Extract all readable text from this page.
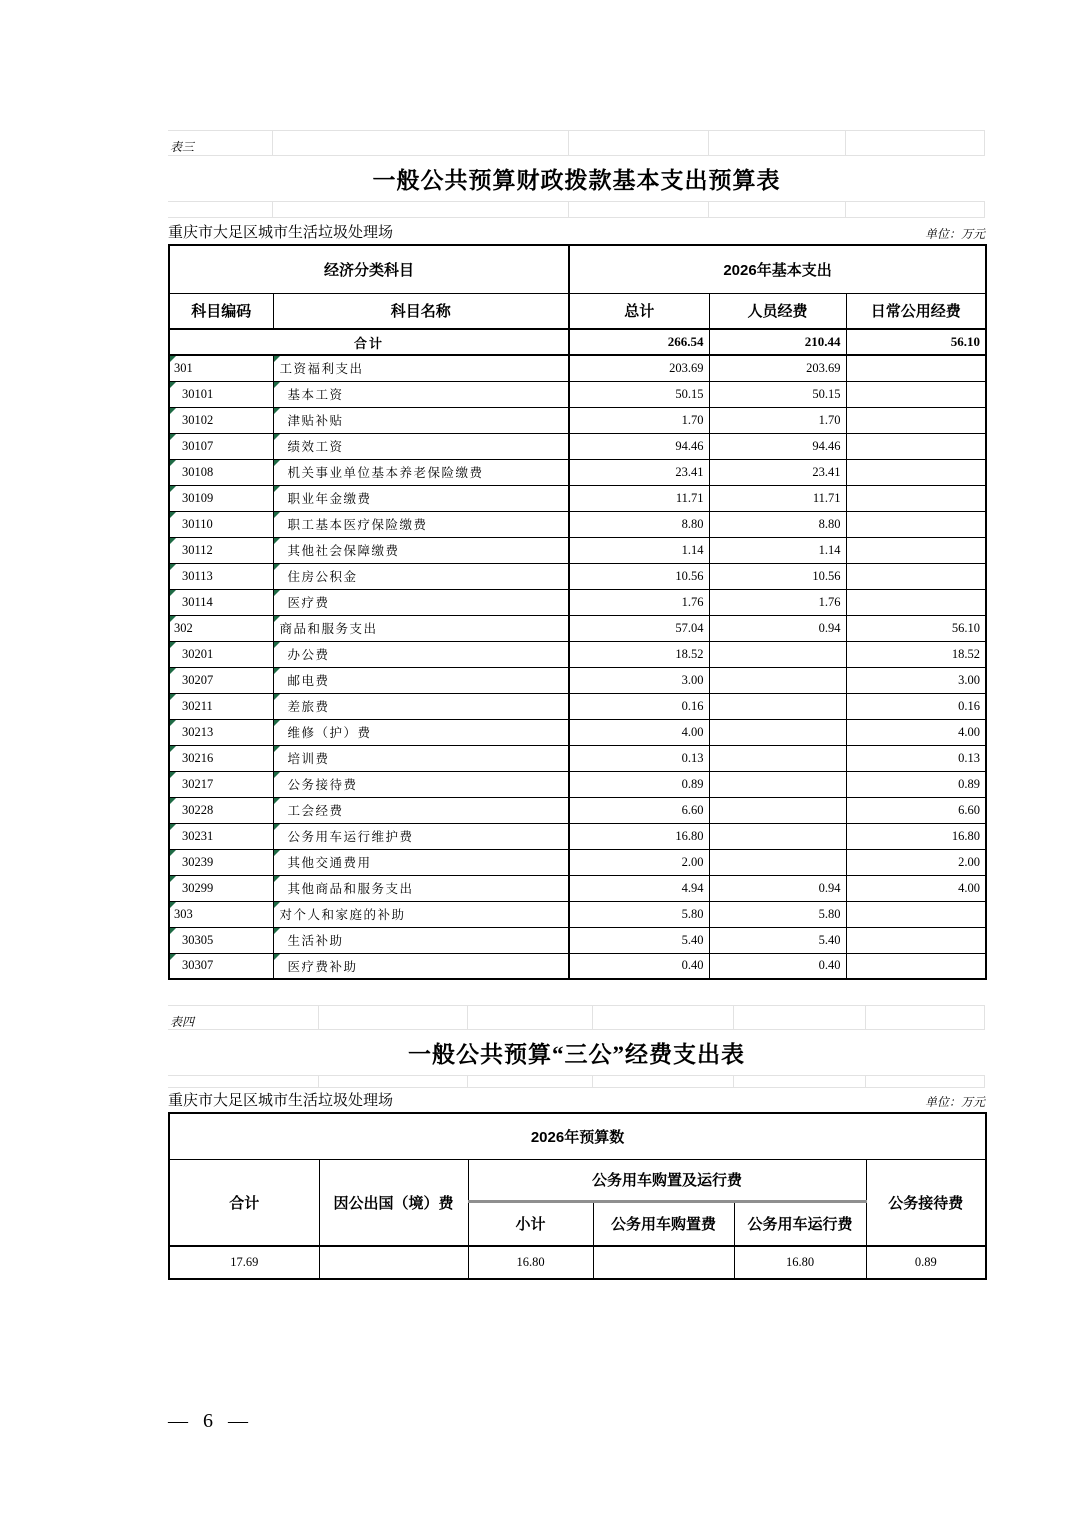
表三
一般公共预算财政拨款基本支出预算表
重庆市大足区城市生活垃圾处理场	单位：万元
经济分类科目		2026年基本支出		
科目编码	科目名称	总计	人员经费	日常公用经费
合计		266.54	210.44	56.10
301	工资福利支出	203.69	203.69	
30101	基本工资	50.15	50.15	
30102	津贴补贴	1.70	1.70	
30107	绩效工资	94.46	94.46	
30108	机关事业单位基本养老保险缴费	23.41	23.41	
30109	职业年金缴费	11.71	11.71	
30110	职工基本医疗保险缴费	8.80	8.80	
30112	其他社会保障缴费	1.14	1.14	
30113	住房公积金	10.56	10.56	
30114	医疗费	1.76	1.76	
302	商品和服务支出	57.04	0.94	56.10
30201	办公费	18.52		18.52
30207	邮电费	3.00		3.00
30211	差旅费	0.16		0.16
30213	维修（护）费	4.00		4.00
30216	培训费	0.13		0.13
30217	公务接待费	0.89		0.89
30228	工会经费	6.60		6.60
30231	公务用车运行维护费	16.80		16.80
30239	其他交通费用	2.00		2.00
30299	其他商品和服务支出	4.94	0.94	4.00
303	对个人和家庭的补助	5.80	5.80	
30305	生活补助	5.40	5.40	
30307	医疗费补助	0.40	0.40	
表四
一般公共预算“三公”经费支出表
重庆市大足区城市生活垃圾处理场	单位：万元
2026年预算数					
合计	因公出国（境）费	公务用车购置及运行费			公务接待费
		小计	公务用车购置费	公务用车运行费	
17.69		16.80		16.80	0.89
— 6 —
